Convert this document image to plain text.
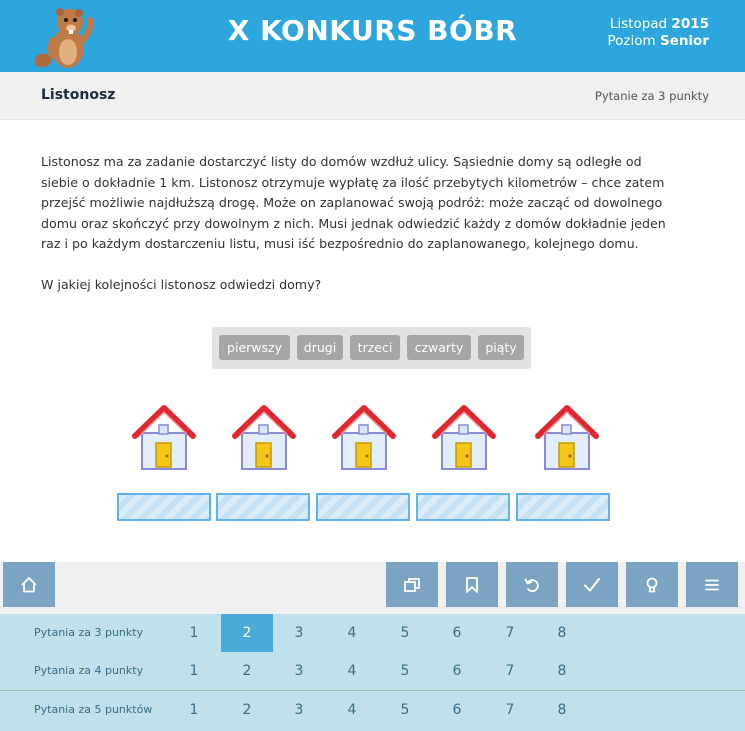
X KONKURS BÓBR	Listopad 2015
Poziom Senior
Listonosz	Pytanie za 3 punkty

Listonosz ma za zadanie dostarczyć listy do domów wzdłuż ulicy. Sąsiednie domy są odległe od siebie o dokładnie 1 km. Listonosz otrzymuje wypłatę za ilość przebytych kilometrów – chce zatem przejść możliwie najdłuższą drogę. Może on zaplanować swoją podróż: może zacząć od dowolnego domu oraz skończyć przy dowolnym z nich. Musi jednak odwiedzić każdy z domów dokładnie jeden raz i po każdym dostarczeniu listu, musi iść bezpośrednio do zaplanowanego, kolejnego domu.

W jakiej kolejności listonosz odwiedzi domy?

pierwszy	drugi	trzeci	czwarty	piąty
Pytania za 3 punkty	1	2	3	4	5	6	7	8
Pytania za 4 punkty	1	2	3	4	5	6	7	8
Pytania za 5 punktów	1	2	3	4	5	6	7	8
